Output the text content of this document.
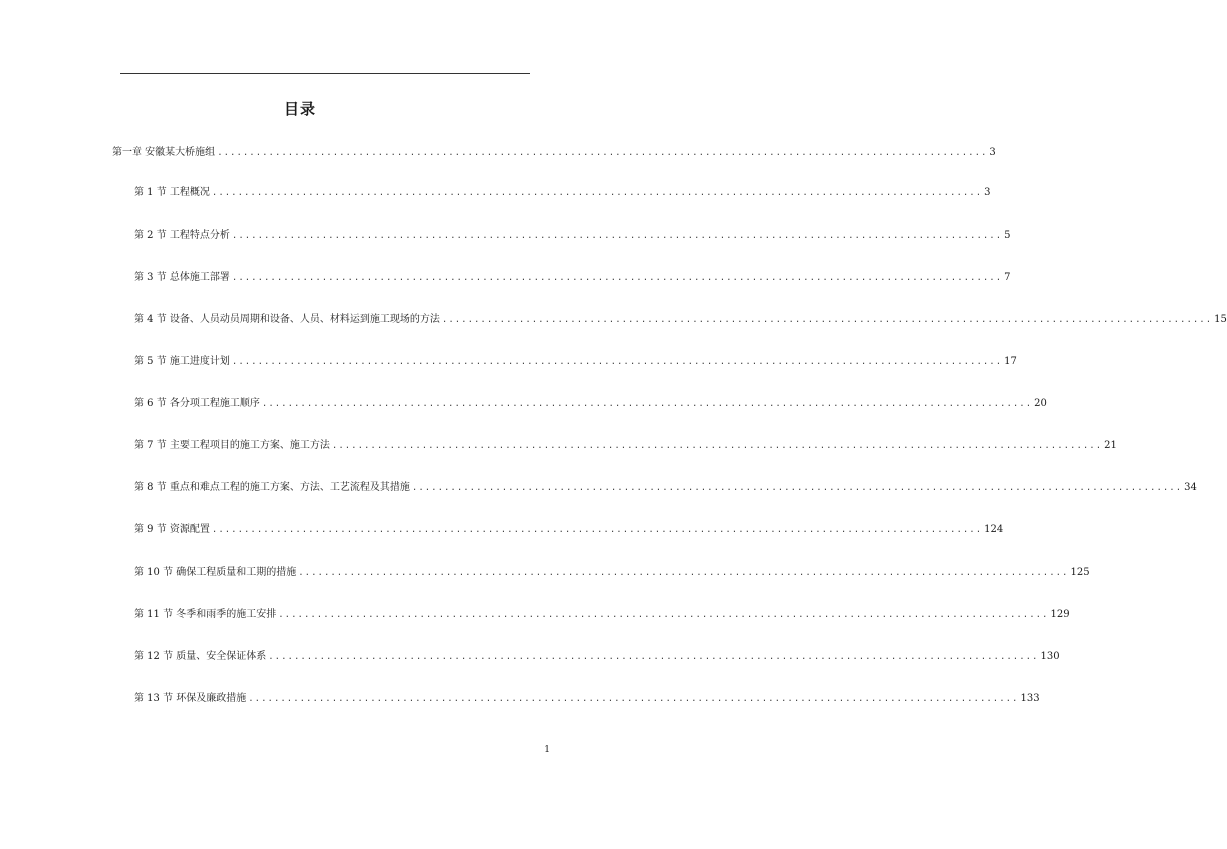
目录
第一章 安徽某大桥施组 ........................................................................................................................ 3
第 1 节 工程概况 ........................................................................................................................ 3
第 2 节 工程特点分析 ........................................................................................................................ 5
第 3 节 总体施工部署 ........................................................................................................................ 7
第 4 节 设备、人员动员周期和设备、人员、材料运到施工现场的方法 ........................................................................................................................ 15
第 5 节 施工进度计划 ........................................................................................................................ 17
第 6 节 各分项工程施工顺序 ........................................................................................................................ 20
第 7 节 主要工程项目的施工方案、施工方法 ........................................................................................................................ 21
第 8 节 重点和难点工程的施工方案、方法、工艺流程及其措施 ........................................................................................................................ 34
第 9 节 资源配置 ........................................................................................................................ 124
第 10 节 确保工程质量和工期的措施 ........................................................................................................................ 125
第 11 节 冬季和雨季的施工安排 ........................................................................................................................ 129
第 12 节 质量、安全保证体系 ........................................................................................................................ 130
第 13 节 环保及廉政措施 ........................................................................................................................ 133
1
